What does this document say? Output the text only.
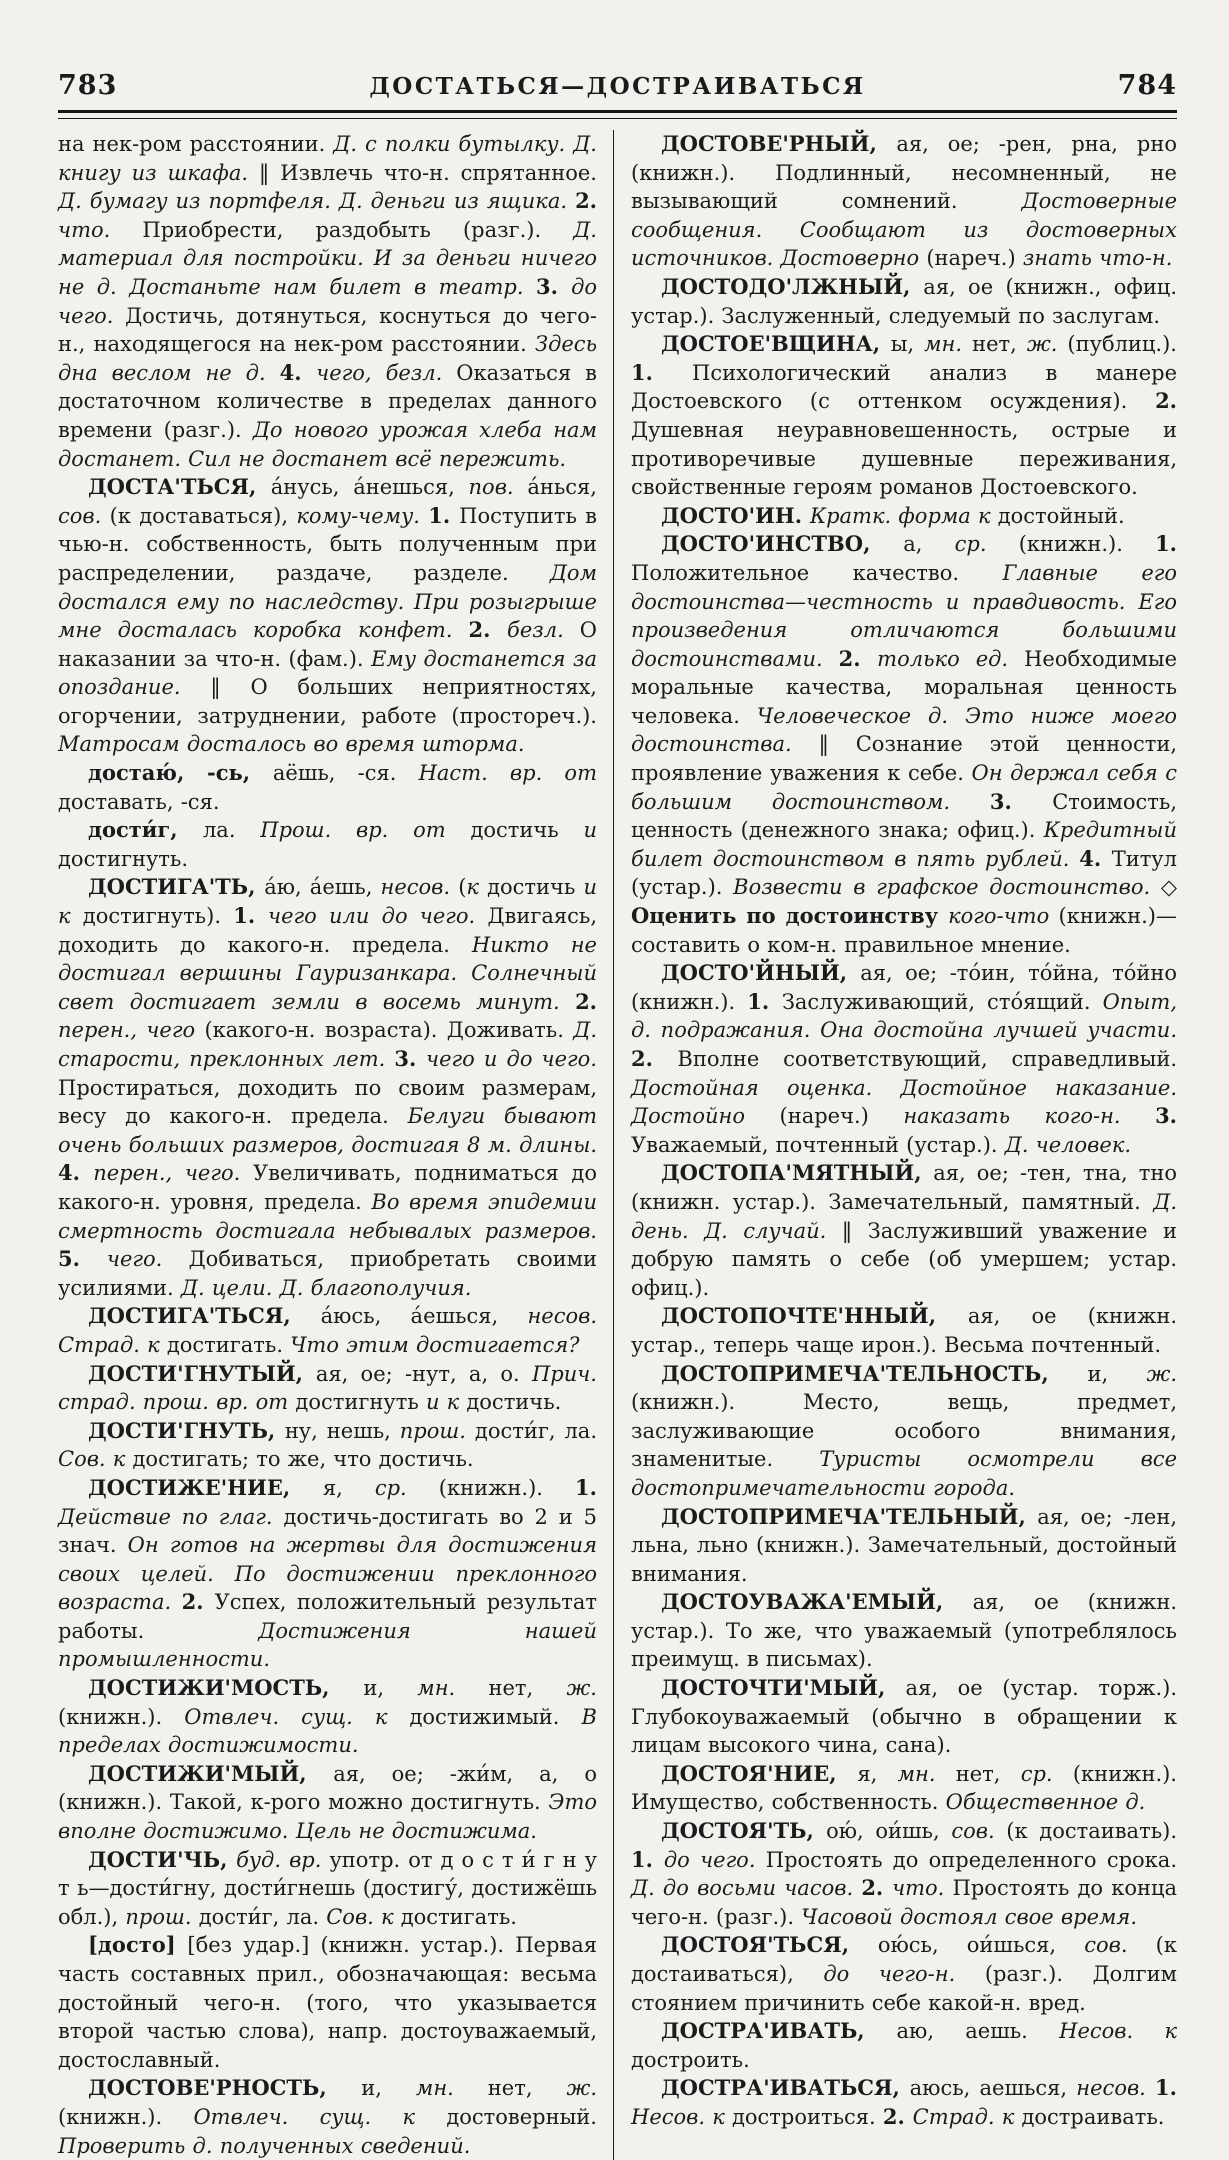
783	ДОСТАТЬСЯ—ДОСТРАИВАТЬСЯ	784

на нек-ром расстоянии. Д. с полки бутылку. Д. книгу из шкафа. ‖ Извлечь что-н. спрятанное. Д. бумагу из портфеля. Д. деньги из ящика. 2. что. Приобрести, раздобыть (разг.). Д. материал для постройки. И за деньги ничего не д. Достаньте нам билет в театр. 3. до чего. Достичь, дотянуться, коснуться до чего-н., находящегося на нек-ром расстоянии. Здесь дна веслом не д. 4. чего, безл. Оказаться в достаточном количестве в пределах данного времени (разг.). До нового урожая хлеба нам достанет. Сил не достанет всё пережить.

ДОСТА'ТЬСЯ, а́нусь, а́нешься, пов. а́нься, сов. (к доставаться), кому-чему. 1. Поступить в чью-н. собственность, быть полученным при распределении, раздаче, разделе. Дом достался ему по наследству. При розыгрыше мне досталась коробка конфет. 2. безл. О наказании за что-н. (фам.). Ему достанется за опоздание. ‖ О больших неприятностях, огорчении, затруднении, работе (простореч.). Матросам досталось во время шторма.

достаю́, -сь, аёшь, -ся. Наст. вр. от доставать, -ся.

дости́г, ла. Прош. вр. от достичь и достигнуть.

ДОСТИГА'ТЬ, а́ю, а́ешь, несов. (к достичь и к достигнуть). 1. чего или до чего. Двигаясь, доходить до какого-н. предела. Никто не достигал вершины Гауризанкара. Солнечный свет достигает земли в восемь минут. 2. перен., чего (какого-н. возраста). Доживать. Д. старости, преклонных лет. 3. чего и до чего. Простираться, доходить по своим размерам, весу до какого-н. предела. Белуги бывают очень больших размеров, достигая 8 м. длины. 4. перен., чего. Увеличивать, подниматься до какого-н. уровня, предела. Во время эпидемии смертность достигала небывалых размеров. 5. чего. Добиваться, приобретать своими усилиями. Д. цели. Д. благополучия.

ДОСТИГА'ТЬСЯ, а́юсь, а́ешься, несов. Страд. к достигать. Что этим достигается?

ДОСТИ'ГНУТЫЙ, ая, ое; -нут, а, о. Прич. страд. прош. вр. от достигнуть и к достичь.

ДОСТИ'ГНУТЬ, ну, нешь, прош. дости́г, ла. Сов. к достигать; то же, что достичь.

ДОСТИЖЕ'НИЕ, я, ср. (книжн.). 1. Действие по глаг. достичь-достигать во 2 и 5 знач. Он готов на жертвы для достижения своих целей. По достижении преклонного возраста. 2. Успех, положительный результат работы. Достижения нашей промышленности.

ДОСТИЖИ'МОСТЬ, и, мн. нет, ж. (книжн.). Отвлеч. сущ. к достижимый. В пределах достижимости.

ДОСТИЖИ'МЫЙ, ая, ое; -жи́м, а, о (книжн.). Такой, к-рого можно достигнуть. Это вполне достижимо. Цель не достижима.

ДОСТИ'ЧЬ, буд. вр. употр. от д о с т и́ г н у т ь—дости́гну, дости́гнешь (достигу́, достижёшь обл.), прош. дости́г, ла. Сов. к достигать.

[досто] [без удар.] (книжн. устар.). Первая часть составных прил., обозначающая: весьма достойный чего-н. (того, что указывается второй частью слова), напр. достоуважаемый, достославный.

ДОСТОВЕ'РНОСТЬ, и, мн. нет, ж. (книжн.). Отвлеч. сущ. к достоверный. Проверить д. полученных сведений.

ДОСТОВЕ'РНЫЙ, ая, ое; -рен, рна, рно (книжн.). Подлинный, несомненный, не вызывающий сомнений. Достоверные сообщения. Сообщают из достоверных источников. Достоверно (нареч.) знать что-н.

ДОСТОДО'ЛЖНЫЙ, ая, ое (книжн., офиц. устар.). Заслуженный, следуемый по заслугам.

ДОСТОЕ'ВЩИНА, ы, мн. нет, ж. (публиц.). 1. Психологический анализ в манере Достоевского (с оттенком осуждения). 2. Душевная неуравновешенность, острые и противоречивые душевные переживания, свойственные героям романов Достоевского.

ДОСТО'ИН. Кратк. форма к достойный.

ДОСТО'ИНСТВО, а, ср. (книжн.). 1. Положительное качество. Главные его достоинства—честность и правдивость. Его произведения отличаются большими достоинствами. 2. только ед. Необходимые моральные качества, моральная ценность человека. Человеческое д. Это ниже моего достоинства. ‖ Сознание этой ценности, проявление уважения к себе. Он держал себя с большим достоинством. 3. Стоимость, ценность (денежного знака; офиц.). Кредитный билет достоинством в пять рублей. 4. Титул (устар.). Возвести в графское достоинство. ◇ Оценить по достоинству кого-что (книжн.)—составить о ком-н. правильное мнение.

ДОСТО'ЙНЫЙ, ая, ое; -то́ин, то́йна, то́йно (книжн.). 1. Заслуживающий, сто́ящий. Опыт, д. подражания. Она достойна лучшей участи. 2. Вполне соответствующий, справедливый. Достойная оценка. Достойное наказание. Достойно (нареч.) наказать кого-н. 3. Уважаемый, почтенный (устар.). Д. человек.

ДОСТОПА'МЯТНЫЙ, ая, ое; -тен, тна, тно (книжн. устар.). Замечательный, памятный. Д. день. Д. случай. ‖ Заслуживший уважение и добрую память о себе (об умершем; устар. офиц.).

ДОСТОПОЧТЕ'ННЫЙ, ая, ое (книжн. устар., теперь чаще ирон.). Весьма почтенный.

ДОСТОПРИМЕЧА'ТЕЛЬНОСТЬ, и, ж. (книжн.). Место, вещь, предмет, заслуживающие особого внимания, знаменитые. Туристы осмотрели все достопримечательности города.

ДОСТОПРИМЕЧА'ТЕЛЬНЫЙ, ая, ое; -лен, льна, льно (книжн.). Замечательный, достойный внимания.

ДОСТОУВАЖА'ЕМЫЙ, ая, ое (книжн. устар.). То же, что уважаемый (употреблялось преимущ. в письмах).

ДОСТОЧТИ'МЫЙ, ая, ое (устар. торж.). Глубокоуважаемый (обычно в обращении к лицам высокого чина, сана).

ДОСТОЯ'НИЕ, я, мн. нет, ср. (книжн.). Имущество, собственность. Общественное д.

ДОСТОЯ'ТЬ, ою́, ои́шь, сов. (к достаивать). 1. до чего. Простоять до определенного срока. Д. до восьми часов. 2. что. Простоять до конца чего-н. (разг.). Часовой достоял свое время.

ДОСТОЯ'ТЬСЯ, ою́сь, ои́шься, сов. (к достаиваться), до чего-н. (разг.). Долгим стоянием причинить себе какой-н. вред.

ДОСТРА'ИВАТЬ, аю, аешь. Несов. к достроить.

ДОСТРА'ИВАТЬСЯ, аюсь, аешься, несов. 1. Несов. к достроиться. 2. Страд. к достраивать.
